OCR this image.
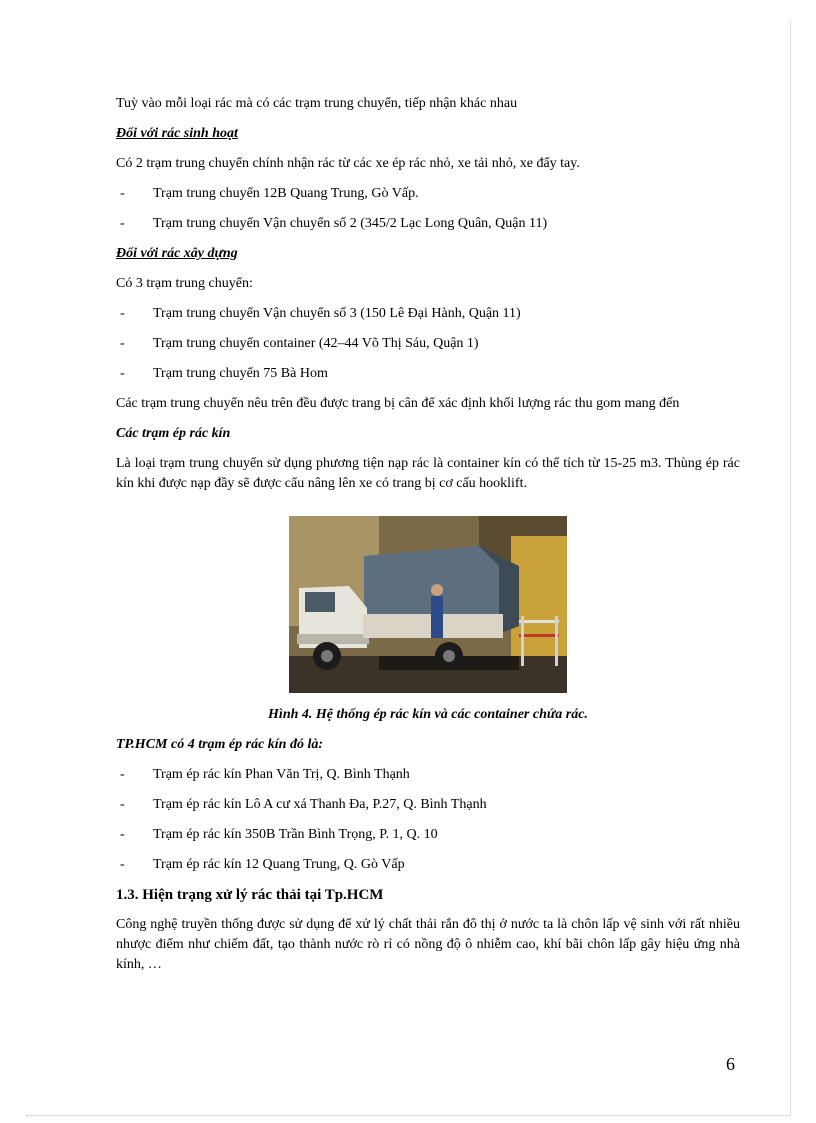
Tuỳ vào mỗi loại rác mà có các trạm trung chuyển, tiếp nhận khác nhau

Đối với rác sinh hoạt

Có 2 trạm trung chuyển chính nhận rác từ các xe ép rác nhỏ, xe tải nhỏ, xe đẩy tay.

- Trạm trung chuyển 12B Quang Trung, Gò Vấp.
- Trạm trung chuyển Vận chuyển số 2 (345/2 Lạc Long Quân, Quận 11)

Đối với rác xây dựng

Có 3 trạm trung chuyển:

- Trạm trung chuyển Vận chuyển số 3 (150 Lê Đại Hành, Quận 11)
- Trạm trung chuyển container (42–44 Võ Thị Sáu, Quận 1)
- Trạm trung chuyển 75 Bà Hom

Các trạm trung chuyển nêu trên đều được trang bị cân để xác định khối lượng rác thu gom mang đến

Các trạm ép rác kín

Là loại trạm trung chuyển sử dụng phương tiện nạp rác là container kín có thể tích từ 15-25 m3. Thùng ép rác kín khi được nạp đầy sẽ được cẩu nâng lên xe có trang bị cơ cấu hooklift.

Hình 4. Hệ thống ép rác kín và các container chứa rác.

TP.HCM có 4 trạm ép rác kín đó là:

- Trạm ép rác kín Phan Văn Trị, Q. Bình Thạnh
- Trạm ép rác kín Lô A cư xá Thanh Đa, P.27, Q. Bình Thạnh
- Trạm ép rác kín 350B Trần Bình Trọng, P. 1, Q. 10
- Trạm ép rác kín 12 Quang Trung, Q. Gò Vấp

1.3. Hiện trạng xử lý rác thải tại Tp.HCM

Công nghệ truyền thống được sử dụng để xử lý chất thải rắn đô thị ở nước ta là chôn lấp vệ sinh với rất nhiều nhược điểm như chiếm đất, tạo thành nước rò rỉ có nồng độ ô nhiễm cao, khí bãi chôn lấp gây hiệu ứng nhà kính, …

6
